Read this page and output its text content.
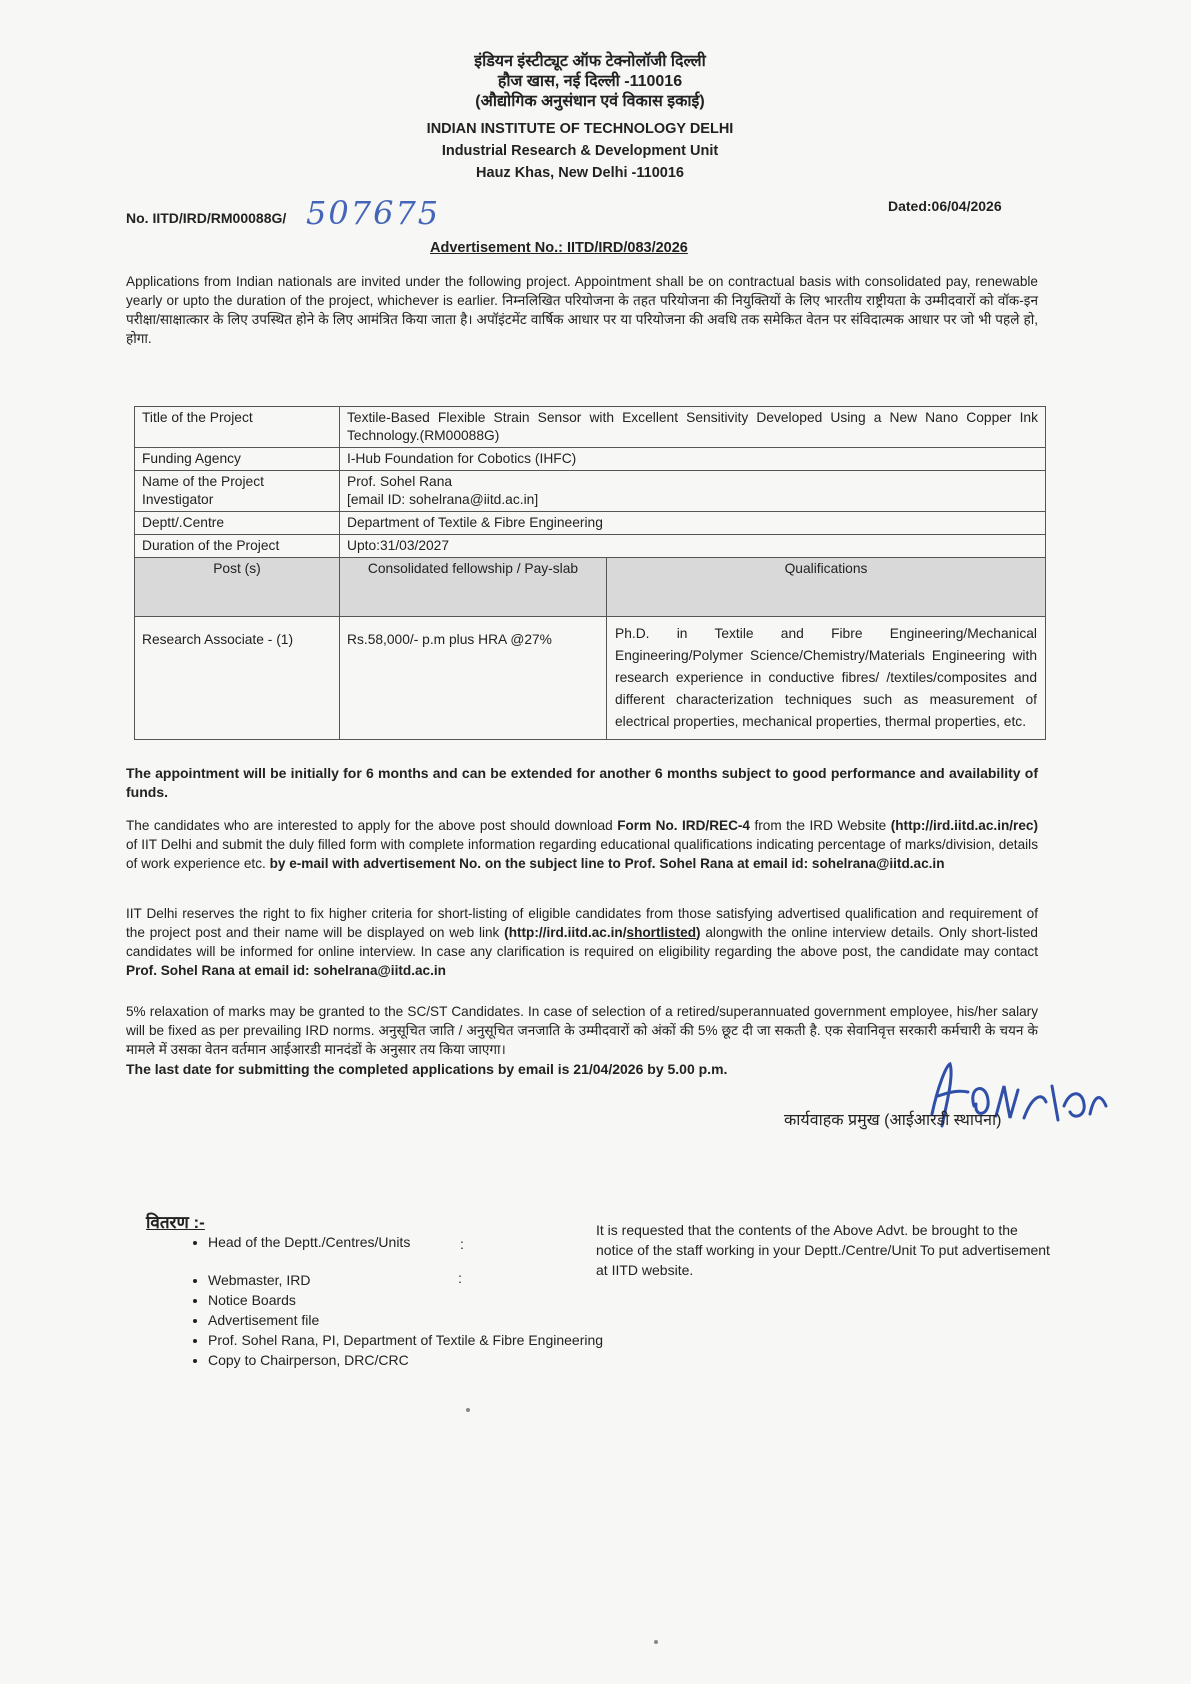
इंडियन इंस्टीट्यूट ऑफ टेक्नोलॉजी दिल्ली
हौज खास, नई दिल्ली -110016
(औद्योगिक अनुसंधान एवं विकास इकाई)
INDIAN INSTITUTE OF TECHNOLOGY DELHI
Industrial Research & Development Unit
Hauz Khas, New Delhi -110016
No. IITD/IRD/RM00088G/ 507675	Dated:06/04/2026
Advertisement No.: IITD/IRD/083/2026
Applications from Indian nationals are invited under the following project. Appointment shall be on contractual basis with consolidated pay, renewable yearly or upto the duration of the project, whichever is earlier. निम्नलिखित परियोजना के तहत परियोजना की नियुक्तियों के लिए भारतीय राष्ट्रीयता के उम्मीदवारों को वॉक-इन परीक्षा/साक्षात्कार के लिए उपस्थित होने के लिए आमंत्रित किया जाता है। अपॉइंटमेंट वार्षिक आधार पर या परियोजना की अवधि तक समेकित वेतन पर संविदात्मक आधार पर जो भी पहले हो, होगा.
Title of the Project	Textile-Based Flexible Strain Sensor with Excellent Sensitivity Developed Using a New Nano Copper Ink Technology.(RM00088G)	
Funding Agency	I-Hub Foundation for Cobotics (IHFC)	
Name of the Project Investigator	Prof. Sohel Rana
[email ID: sohelrana@iitd.ac.in]	

Deptt/.Centre	Department of Textile & Fibre Engineering	
Duration of the Project	Upto:31/03/2027	
Post (s)	Consolidated fellowship / Pay-slab	Qualifications
Research Associate - (1)	Rs.58,000/- p.m plus HRA @27%	Ph.D. in Textile and Fibre Engineering/Mechanical Engineering/Polymer Science/Chemistry/Materials Engineering with research experience in conductive fibres/ /textiles/composites and different characterization techniques such as measurement of electrical properties, mechanical properties, thermal properties, etc.
The appointment will be initially for 6 months and can be extended for another 6 months subject to good performance and availability of funds.
The candidates who are interested to apply for the above post should download Form No. IRD/REC-4 from the IRD Website (http://ird.iitd.ac.in/rec) of IIT Delhi and submit the duly filled form with complete information regarding educational qualifications indicating percentage of marks/division, details of work experience etc. by e-mail with advertisement No. on the subject line to Prof. Sohel Rana at email id: sohelrana@iitd.ac.in
IIT Delhi reserves the right to fix higher criteria for short-listing of eligible candidates from those satisfying advertised qualification and requirement of the project post and their name will be displayed on web link (http://ird.iitd.ac.in/shortlisted) alongwith the online interview details. Only short-listed candidates will be informed for online interview. In case any clarification is required on eligibility regarding the above post, the candidate may contact Prof. Sohel Rana at email id: sohelrana@iitd.ac.in
5% relaxation of marks may be granted to the SC/ST Candidates. In case of selection of a retired/superannuated government employee, his/her salary will be fixed as per prevailing IRD norms. अनुसूचित जाति / अनुसूचित जनजाति के उम्मीदवारों को अंकों की 5% छूट दी जा सकती है. एक सेवानिवृत्त सरकारी कर्मचारी के चयन के मामले में उसका वेतन वर्तमान आईआरडी मानदंडों के अनुसार तय किया जाएगा।
The last date for submitting the completed applications by email is 21/04/2026 by 5.00 p.m.
कार्यवाहक प्रमुख (आईआरडी स्थापना)
वितरण :-
• Head of the Deptt./Centres/Units
• Webmaster, IRD
• Notice Boards
• Advertisement file
• Prof. Sohel Rana, PI, Department of Textile & Fibre Engineering
• Copy to Chairperson, DRC/CRC
:
:
It is requested that the contents of the Above Advt. be brought to the notice of the staff working in your Deptt./Centre/Unit To put advertisement at IITD website.
